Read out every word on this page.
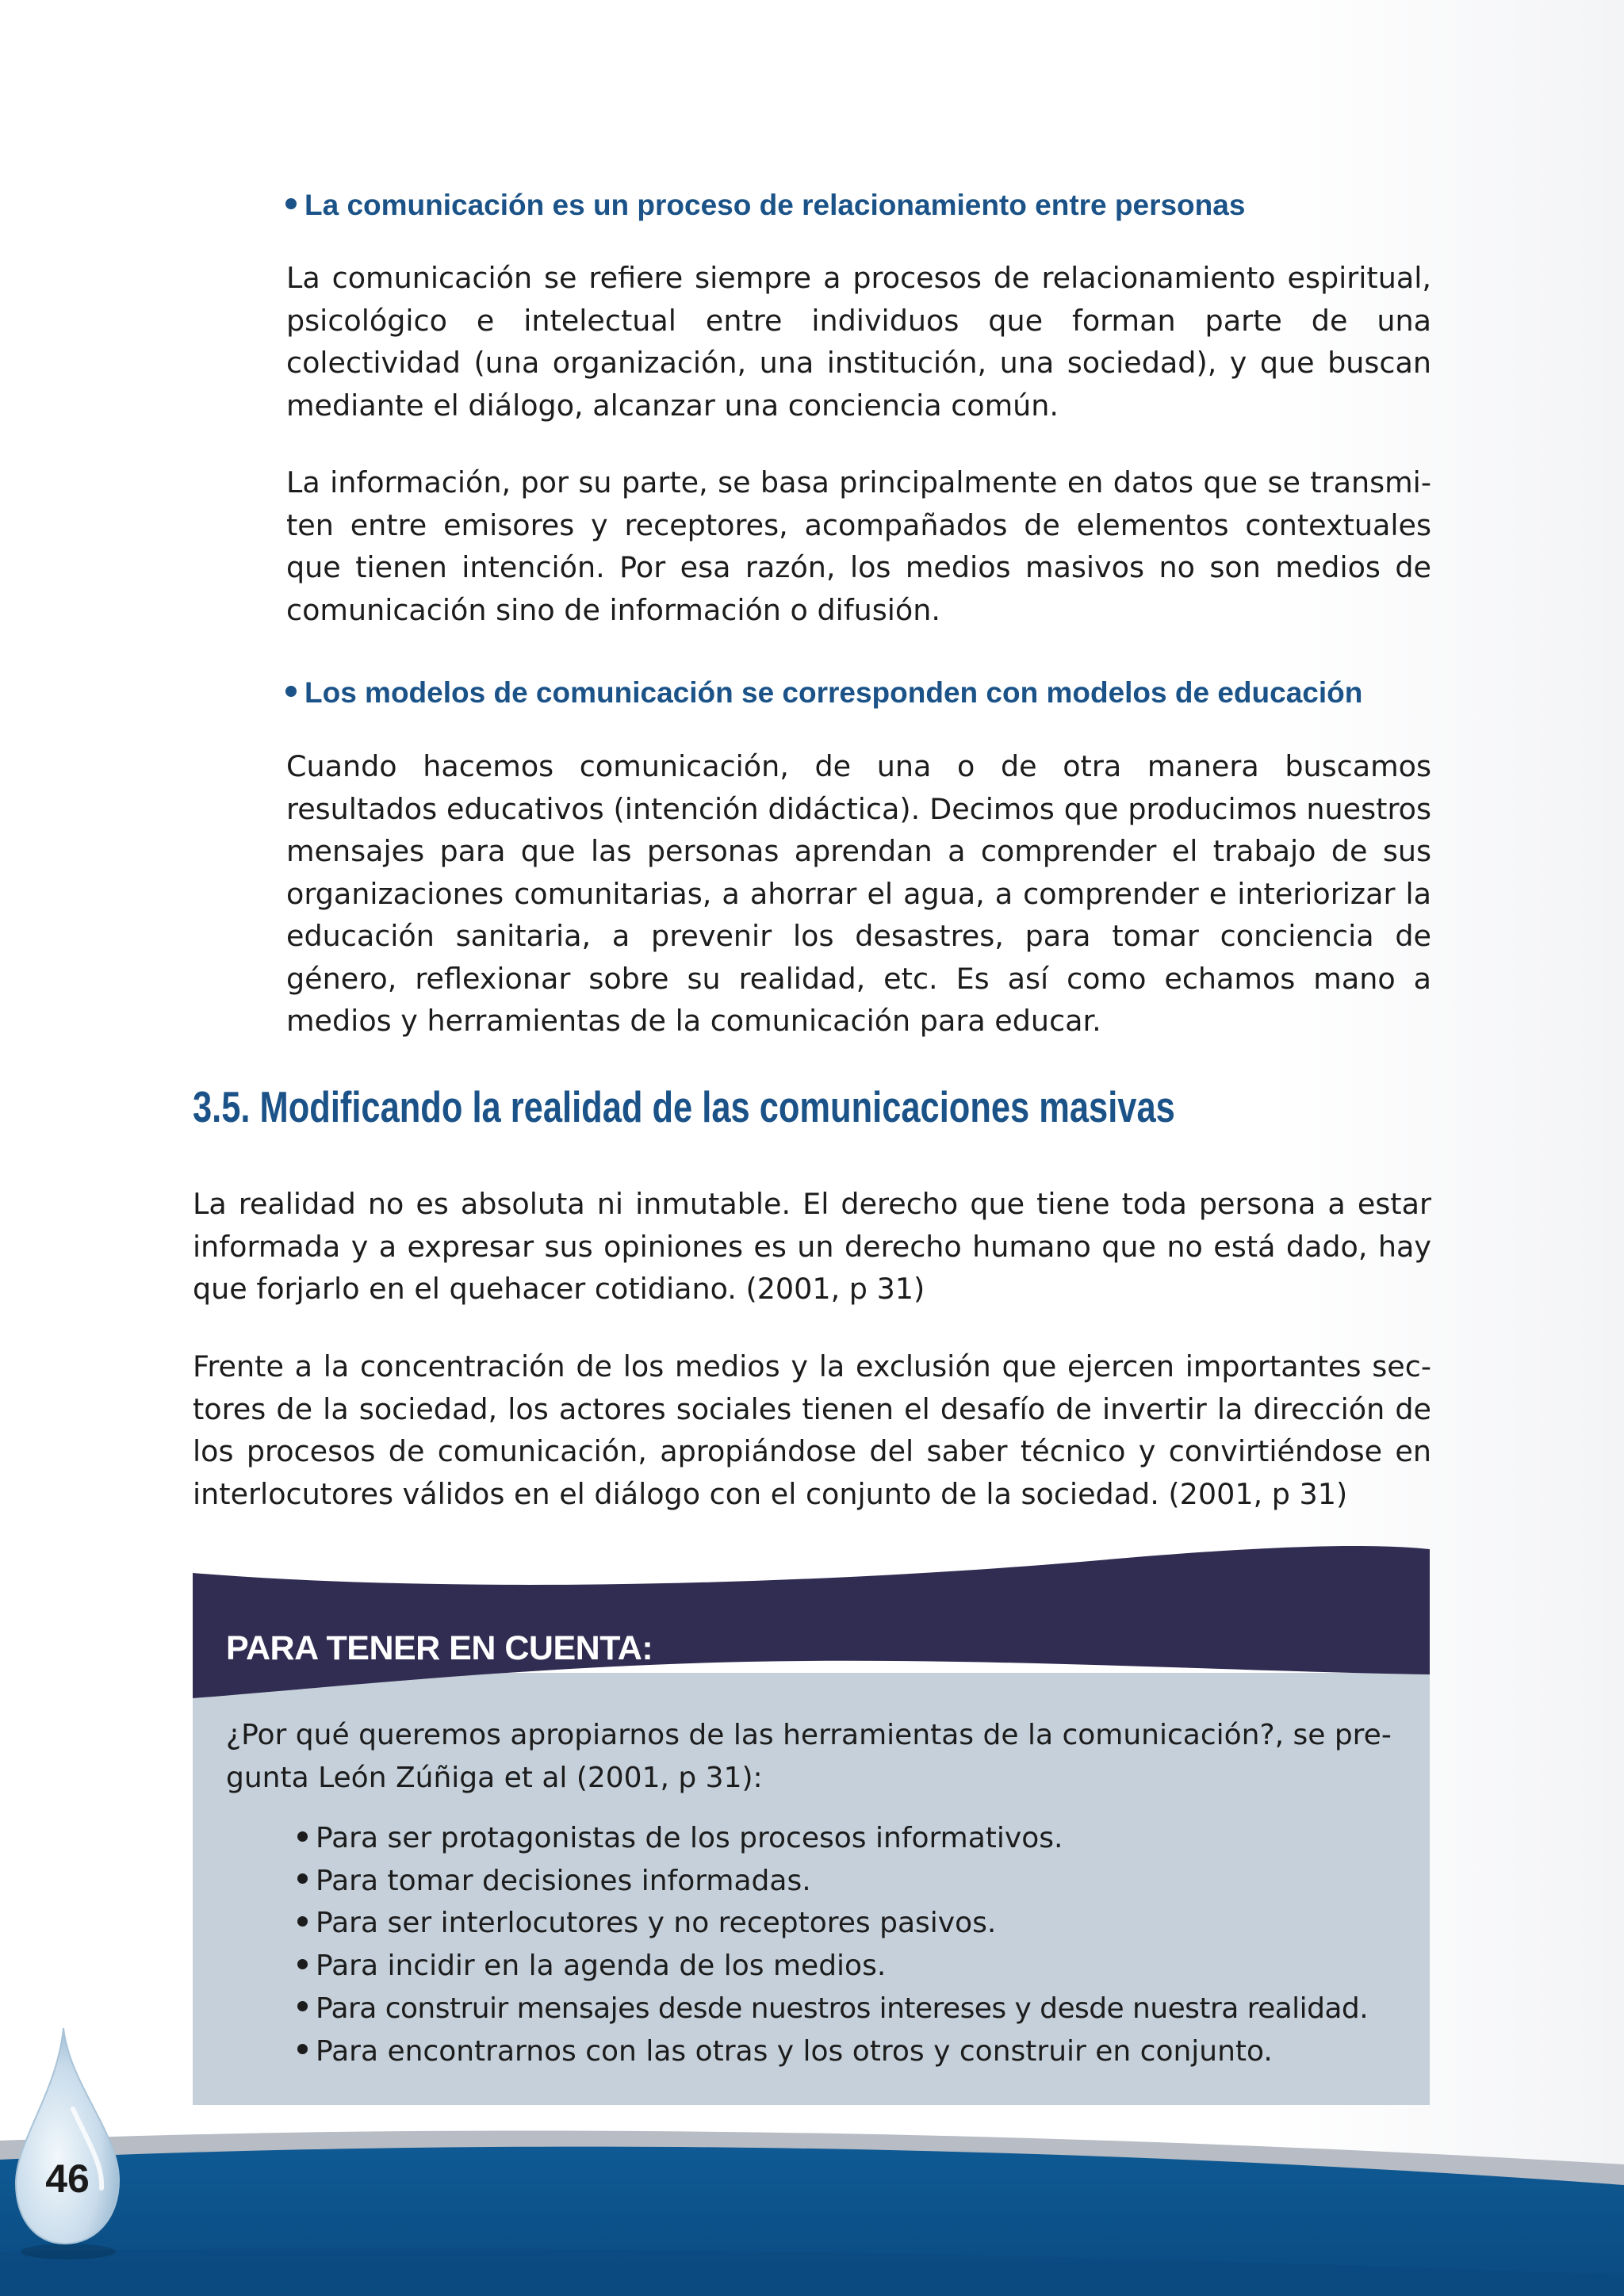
La comunicación es un proceso de relacionamiento entre personas

La comunicación se refiere siempre a procesos de relacionamiento espiritual, psicológico e intelectual entre individuos que forman parte de una colectividad (una organización, una institución, una sociedad), y que buscan mediante el diálogo, alcanzar una conciencia común.

La información, por su parte, se basa principalmente en datos que se transmiten entre emisores y receptores, acompañados de elementos contextuales que tienen intención. Por esa razón, los medios masivos no son medios de comunicación sino de información o difusión.

Los modelos de comunicación se corresponden con modelos de educación

Cuando hacemos comunicación, de una o de otra manera buscamos resultados educativos (intención didáctica). Decimos que producimos nuestros mensajes para que las personas aprendan a comprender el trabajo de sus organizaciones comunitarias, a ahorrar el agua, a comprender e interiorizar la educación sanitaria, a prevenir los desastres, para tomar conciencia de género, reflexionar sobre su realidad, etc. Es así como echamos mano a medios y herramientas de la comunicación para educar.

3.5. Modificando la realidad de las comunicaciones masivas

La realidad no es absoluta ni inmutable. El derecho que tiene toda persona a estar informada y a expresar sus opiniones es un derecho humano que no está dado, hay que forjarlo en el quehacer cotidiano. (2001, p 31)

Frente a la concentración de los medios y la exclusión que ejercen importantes sectores de la sociedad, los actores sociales tienen el desafío de invertir la dirección de los procesos de comunicación, apropiándose del saber técnico y convirtiéndose en interlocutores válidos en el diálogo con el conjunto de la sociedad. (2001, p 31)

PARA TENER EN CUENTA:

¿Por qué queremos apropiarnos de las herramientas de la comunicación?, se pregunta León Zúñiga et al (2001, p 31):

Para ser protagonistas de los procesos informativos.
Para tomar decisiones informadas.
Para ser interlocutores y no receptores pasivos.
Para incidir en la agenda de los medios.
Para construir mensajes desde nuestros intereses y desde nuestra realidad.
Para encontrarnos con las otras y los otros y construir en conjunto.

46
